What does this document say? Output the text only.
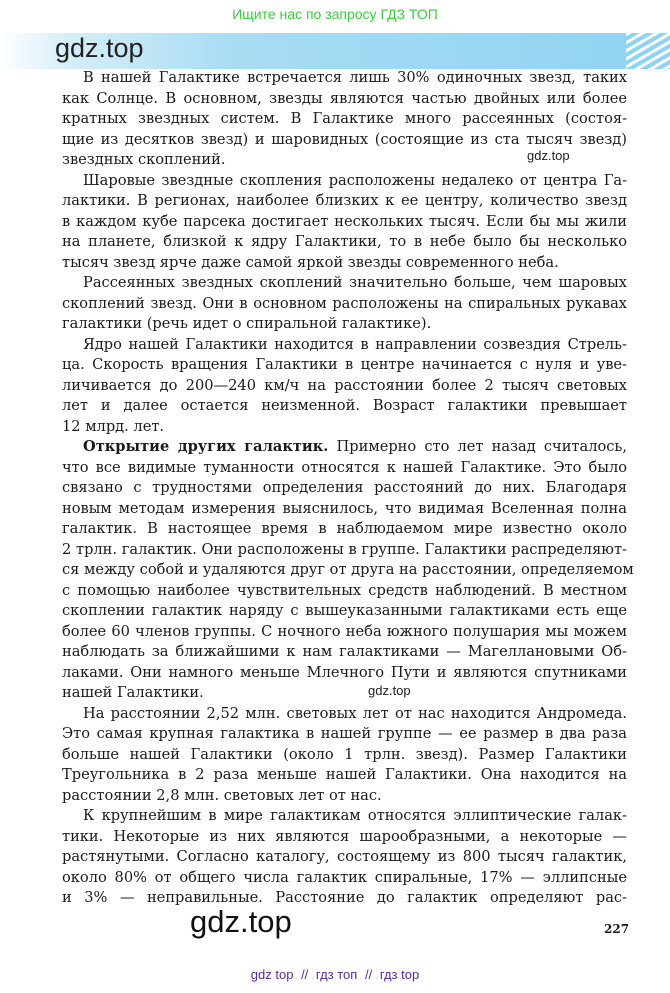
Ищите нас по запросу ГДЗ ТОП
gdz.top
В нашей Галактике встречается лишь 30% одиночных звезд, таких
как Солнце. В основном, звезды являются частью двойных или более
кратных звездных систем. В Галактике много рассеянных (состоя-
щие из десятков звезд) и шаровидных (состоящие из ста тысяч звезд)
звездных скоплений.
Шаровые звездные скопления расположены недалеко от центра Га-
лактики. В регионах, наиболее близких к ее центру, количество звезд
в каждом кубе парсека достигает нескольких тысяч. Если бы мы жили
на планете, близкой к ядру Галактики, то в небе было бы несколько
тысяч звезд ярче даже самой яркой звезды современного неба.
Рассеянных звездных скоплений значительно больше, чем шаровых
скоплений звезд. Они в основном расположены на спиральных рукавах
галактики (речь идет о спиральной галактике).
Ядро нашей Галактики находится в направлении созвездия Стрель-
ца. Скорость вращения Галактики в центре начинается с нуля и уве-
личивается до 200—240 км/ч на расстоянии более 2 тысяч световых
лет и далее остается неизменной. Возраст галактики превышает
12 млрд. лет.
Открытие других галактик. Примерно сто лет назад считалось,
что все видимые туманности относятся к нашей Галактике. Это было
связано с трудностями определения расстояний до них. Благодаря
новым методам измерения выяснилось, что видимая Вселенная полна
галактик. В настоящее время в наблюдаемом мире известно около
2 трлн. галактик. Они расположены в группе. Галактики распределяют-
ся между собой и удаляются друг от друга на расстоянии, определяемом
с помощью наиболее чувствительных средств наблюдений. В местном
скоплении галактик наряду с вышеуказанными галактиками есть еще
более 60 членов группы. С ночного неба южного полушария мы можем
наблюдать за ближайшими к нам галактиками — Магеллановыми Об-
лаками. Они намного меньше Млечного Пути и являются спутниками
нашей Галактики.
На расстоянии 2,52 млн. световых лет от нас находится Андромеда.
Это самая крупная галактика в нашей группе — ее размер в два раза
больше нашей Галактики (около 1 трлн. звезд). Размер Галактики
Треугольника в 2 раза меньше нашей Галактики. Она находится на
расстоянии 2,8 млн. световых лет от нас.
К крупнейшим в мире галактикам относятся эллиптические галак-
тики. Некоторые из них являются шарообразными, а некоторые —
растянутыми. Согласно каталогу, состоящему из 800 тысяч галактик,
около 80% от общего числа галактик спиральные, 17% — эллипсные
и 3% — неправильные. Расстояние до галактик определяют рас-
gdz.top
gdz.top
gdz.top	227
gdz top // гдз топ // гдз top
